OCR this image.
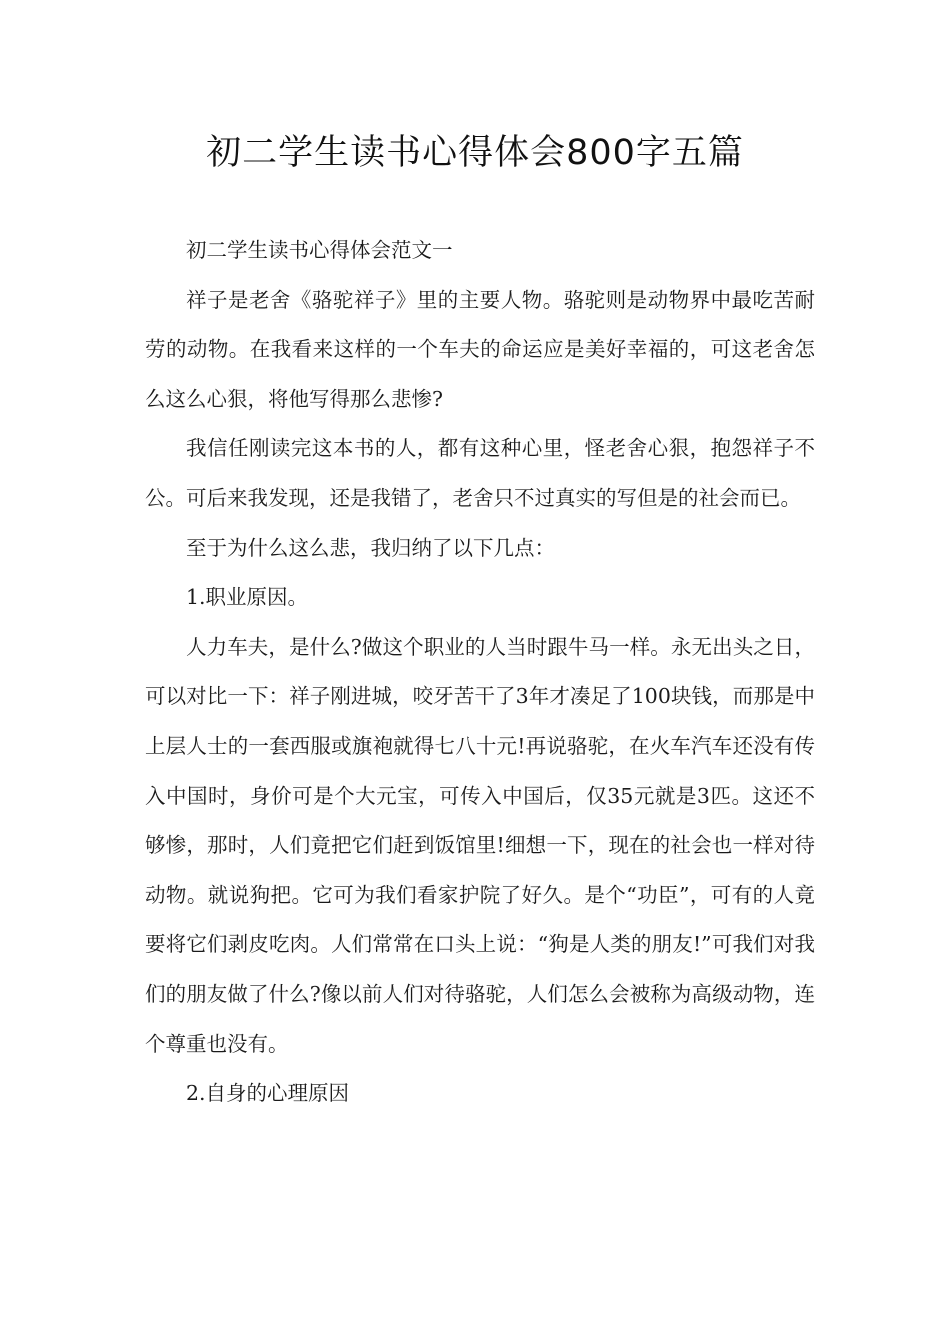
初二学生读书心得体会800字五篇

初二学生读书心得体会范文一

祥子是老舍《骆驼祥子》里的主要人物。骆驼则是动物界中最吃苦耐劳的动物。在我看来这样的一个车夫的命运应是美好幸福的，可这老舍怎么这么心狠，将他写得那么悲惨?

我信任刚读完这本书的人，都有这种心里，怪老舍心狠，抱怨祥子不公。可后来我发现，还是我错了，老舍只不过真实的写但是的社会而已。

至于为什么这么悲，我归纳了以下几点：

1.职业原因。

人力车夫，是什么?做这个职业的人当时跟牛马一样。永无出头之日，可以对比一下：祥子刚进城，咬牙苦干了3年才凑足了100块钱，而那是中上层人士的一套西服或旗袍就得七八十元!再说骆驼，在火车汽车还没有传入中国时，身价可是个大元宝，可传入中国后，仅35元就是3匹。这还不够惨，那时，人们竟把它们赶到饭馆里!细想一下，现在的社会也一样对待动物。就说狗把。它可为我们看家护院了好久。是个“功臣”，可有的人竟要将它们剥皮吃肉。人们常常在口头上说：“狗是人类的朋友!”可我们对我们的朋友做了什么?像以前人们对待骆驼，人们怎么会被称为高级动物，连个尊重也没有。

2.自身的心理原因
